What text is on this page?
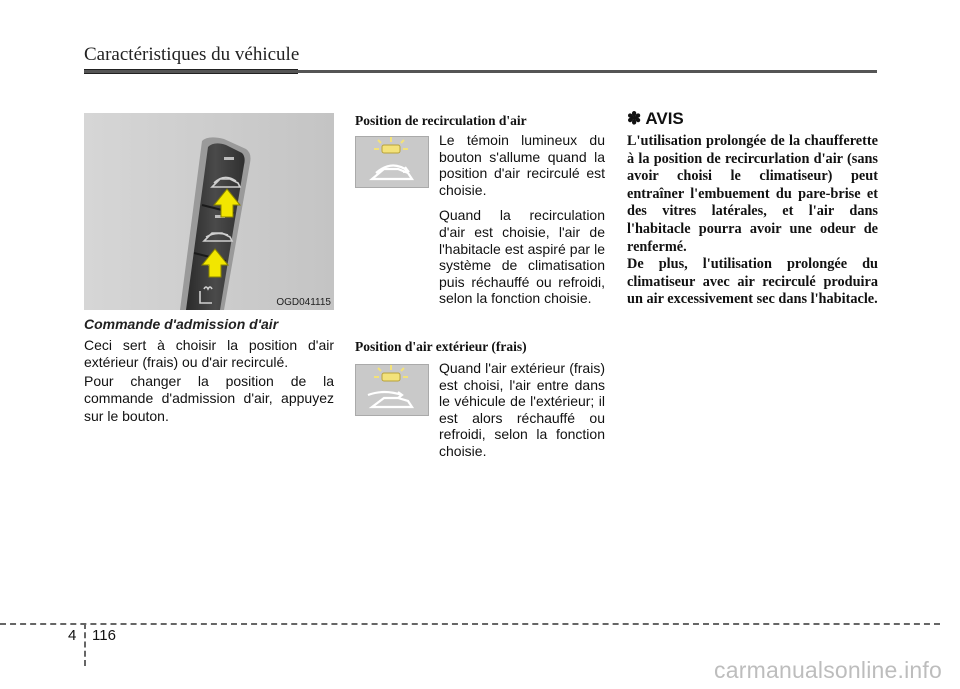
Caractéristiques du véhicule
OGD041115
Commande d'admission d'air
Ceci sert à choisir la position d'air extérieur (frais) ou d'air recirculé.
Pour changer la position de la commande d'admission d'air, appuyez sur le bouton.
Position de recirculation d'air

Le témoin lumineux du bouton s'allume quand la position d'air recirculé est choisie.

Quand la recirculation d'air est choisie, l'air de l'habitacle est aspiré par le système de climatisation puis réchauffé ou refroidi, selon la fonction choisie.

Position d'air extérieur (frais)

Quand l'air extérieur (frais) est choisi, l'air entre dans le véhicule de l'extérieur; il est alors réchauffé ou refroidi, selon la fonction choisie.

✽ AVIS

L'utilisation prolongée de la chaufferette à la position de recircurlation d'air (sans avoir choisi le climatiseur) peut entraîner l'embuement du pare-brise et des vitres latérales, et l'air dans l'habitacle pourra avoir une odeur de renfermé.

De plus, l'utilisation prolongée du climatiseur avec air recirculé produira un air excessivement sec dans l'habitacle.

4 116
carmanualsonline.info
